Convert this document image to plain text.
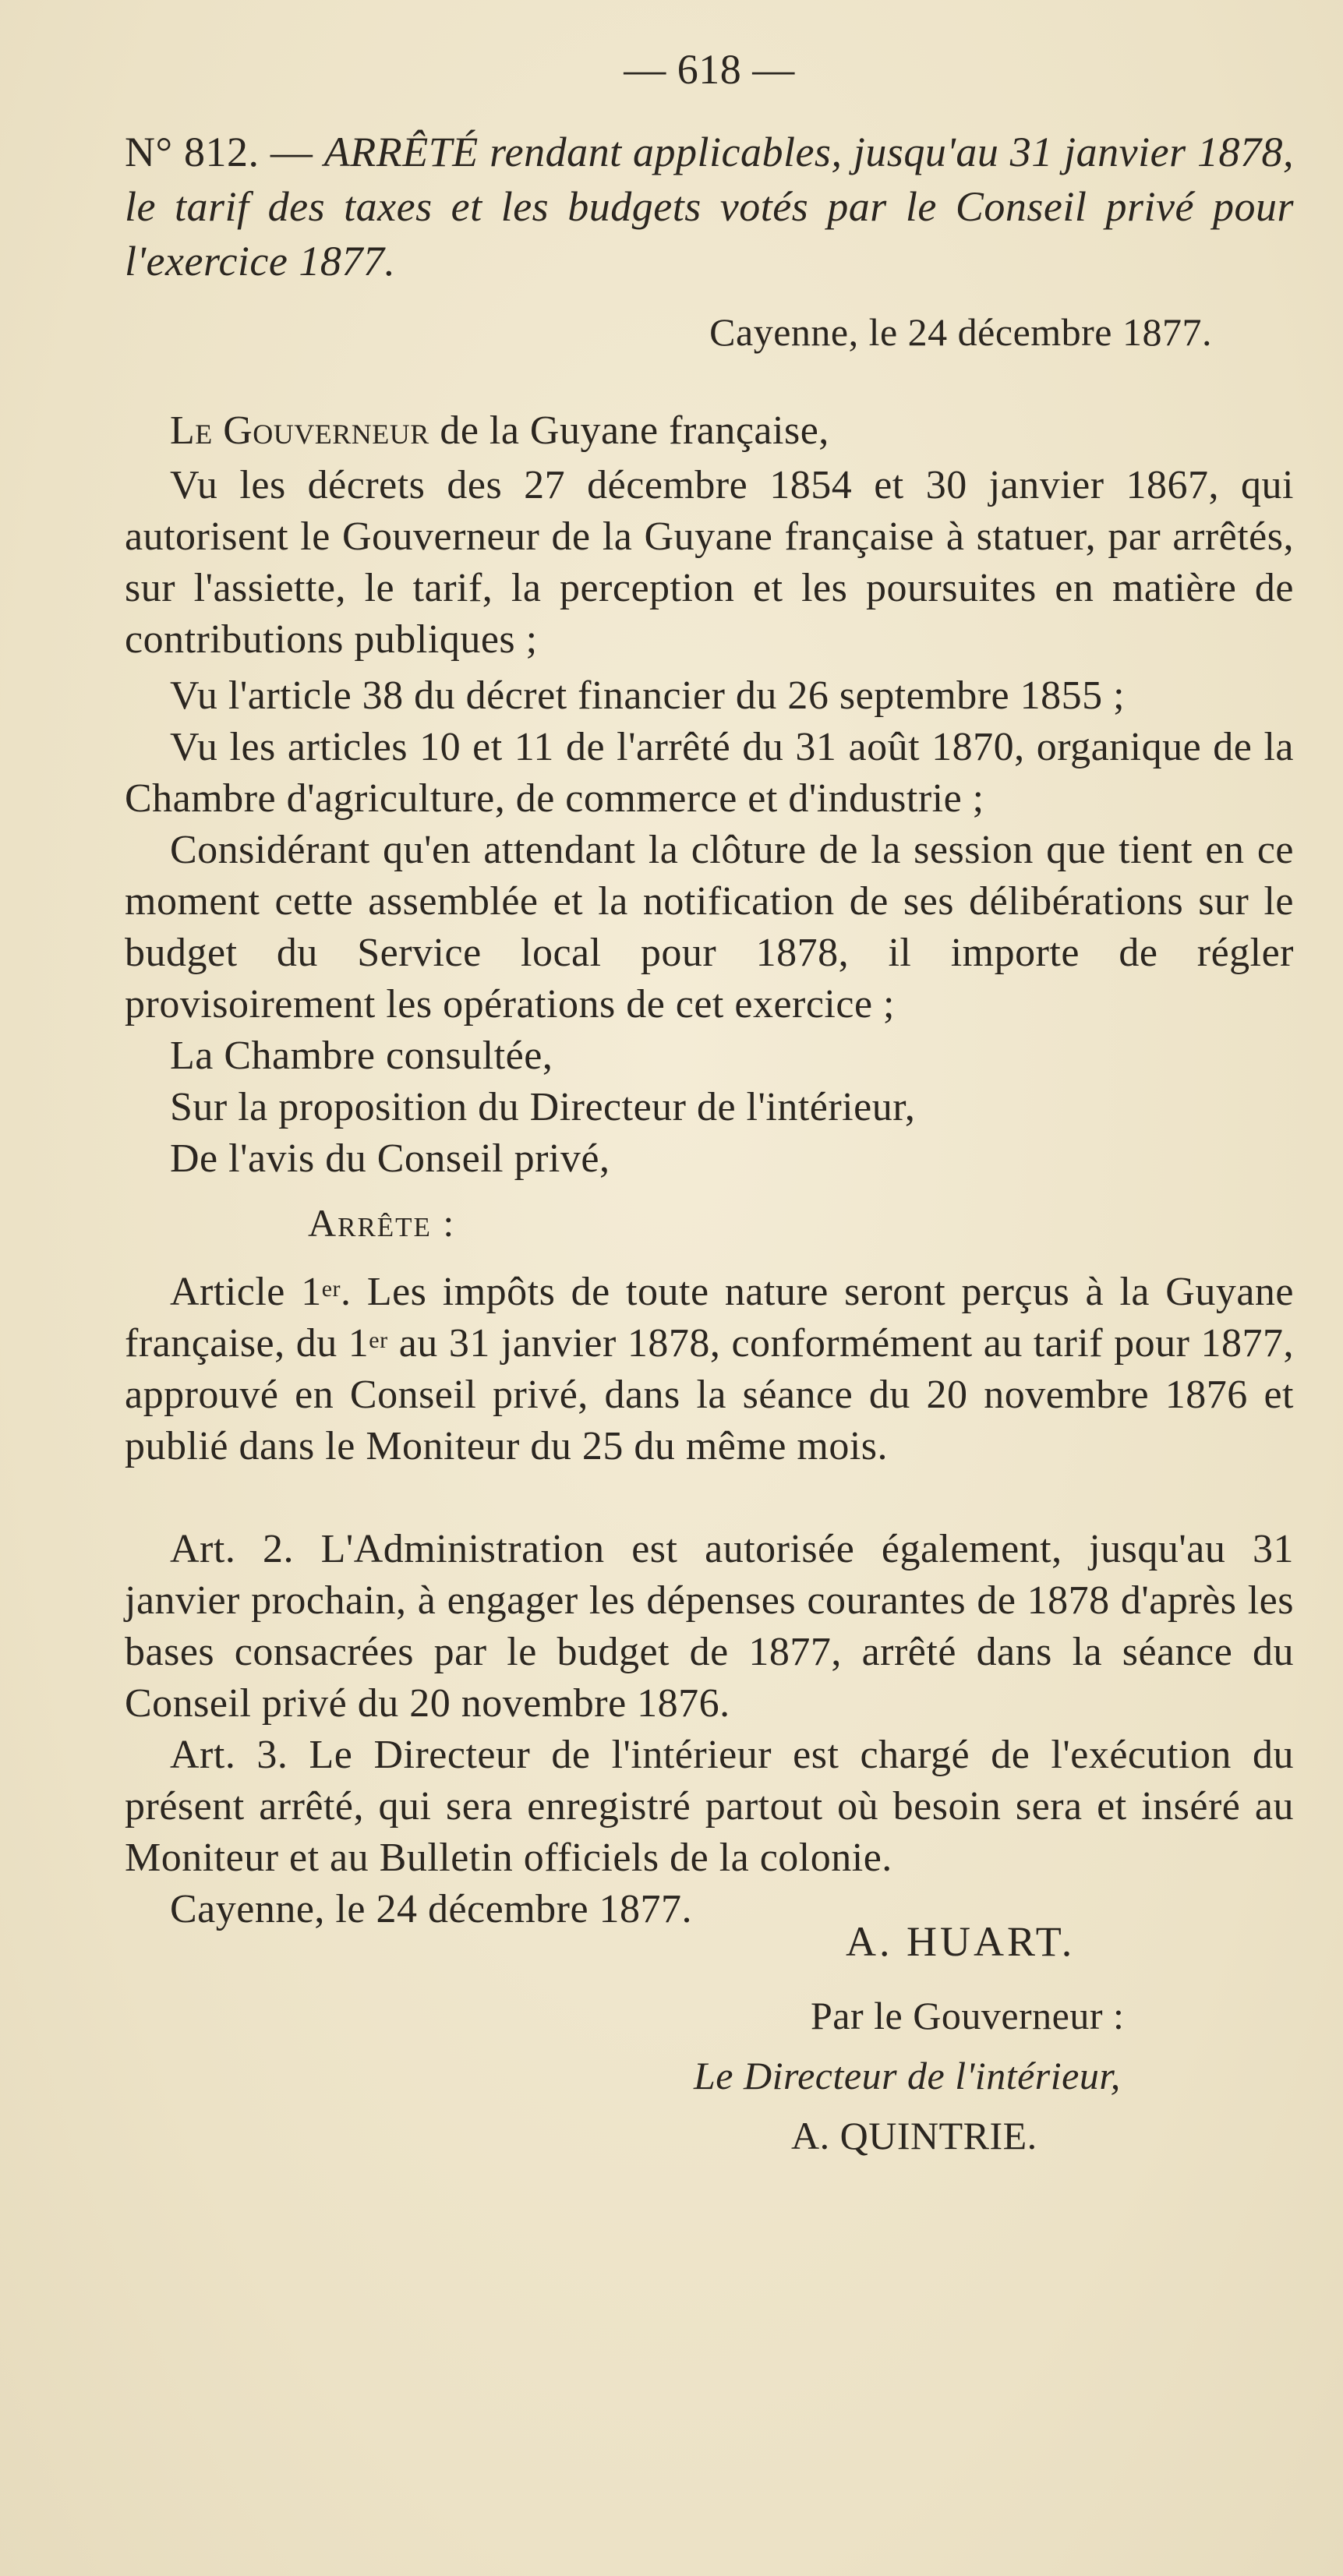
— 618 —
N° 812. — ARRÊTÉ rendant applicables, jusqu'au 31 janvier 1878, le tarif des taxes et les budgets votés par le Conseil privé pour l'exercice 1877.
Cayenne, le 24 décembre 1877.
Le Gouverneur de la Guyane française,
Vu les décrets des 27 décembre 1854 et 30 janvier 1867, qui autorisent le Gouverneur de la Guyane française à statuer, par arrêtés, sur l'assiette, le tarif, la perception et les poursuites en matière de contributions publiques ;
Vu l'article 38 du décret financier du 26 septembre 1855 ;
Vu les articles 10 et 11 de l'arrêté du 31 août 1870, organique de la Chambre d'agriculture, de commerce et d'industrie ;
Considérant qu'en attendant la clôture de la session que tient en ce moment cette assemblée et la notification de ses délibérations sur le budget du Service local pour 1878, il importe de régler provisoirement les opérations de cet exercice ;
La Chambre consultée,
Sur la proposition du Directeur de l'intérieur,
De l'avis du Conseil privé,
Arrête :
Article 1er. Les impôts de toute nature seront perçus à la Guyane française, du 1er au 31 janvier 1878, conformément au tarif pour 1877, approuvé en Conseil privé, dans la séance du 20 novembre 1876 et publié dans le Moniteur du 25 du même mois.
Art. 2. L'Administration est autorisée également, jusqu'au 31 janvier prochain, à engager les dépenses courantes de 1878 d'après les bases consacrées par le budget de 1877, arrêté dans la séance du Conseil privé du 20 novembre 1876.
Art. 3. Le Directeur de l'intérieur est chargé de l'exécution du présent arrêté, qui sera enregistré partout où besoin sera et inséré au Moniteur et au Bulletin officiels de la colonie.
Cayenne, le 24 décembre 1877.
A. HUART.
Par le Gouverneur :
Le Directeur de l'intérieur,
A. QUINTRIE.
